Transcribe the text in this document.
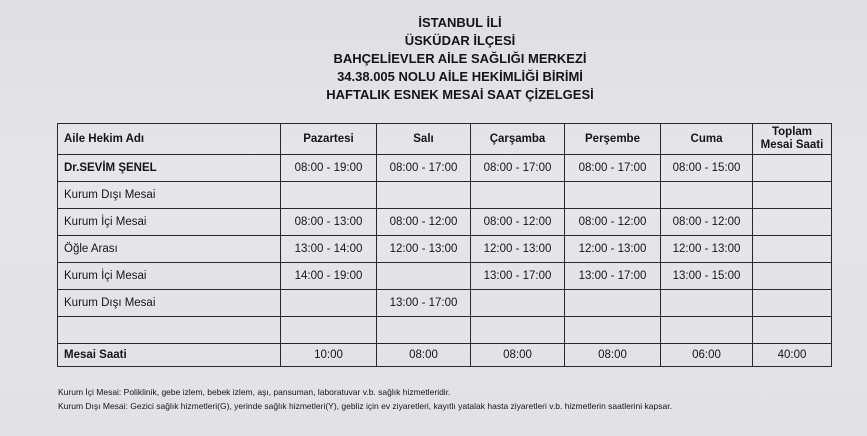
İSTANBUL İLİ
ÜSKÜDAR İLÇESİ
BAHÇELİEVLER AİLE SAĞLIĞI MERKEZİ
34.38.005 NOLU AİLE HEKİMLİĞİ BİRİMİ
HAFTALIK ESNEK MESAİ SAAT ÇİZELGESİ
Aile Hekim Adı	Pazartesi	Salı	Çarşamba	Perşembe	Cuma	Toplam Mesai Saati
Dr.SEVİM ŞENEL	08:00 - 19:00	08:00 - 17:00	08:00 - 17:00	08:00 - 17:00	08:00 - 15:00	
Kurum Dışı Mesai						
Kurum İçi Mesai	08:00 - 13:00	08:00 - 12:00	08:00 - 12:00	08:00 - 12:00	08:00 - 12:00	
Öğle Arası	13:00 - 14:00	12:00 - 13:00	12:00 - 13:00	12:00 - 13:00	12:00 - 13:00	
Kurum İçi Mesai	14:00 - 19:00		13:00 - 17:00	13:00 - 17:00	13:00 - 15:00	
Kurum Dışı Mesai		13:00 - 17:00				

Mesai Saati	10:00	08:00	08:00	08:00	06:00	40:00
Kurum İçi Mesai: Poliklinik, gebe izlem, bebek izlem, aşı, pansuman, laboratuvar v.b. sağlık hizmetleridir.
Kurum Dışı Mesai: Gezici sağlık hizmetleri(G), yerinde sağlık hizmetleri(Y), gebliz için ev ziyaretleri, kayıtlı yatalak hasta ziyaretleri v.b. hizmetlerin saatlerini kapsar.
